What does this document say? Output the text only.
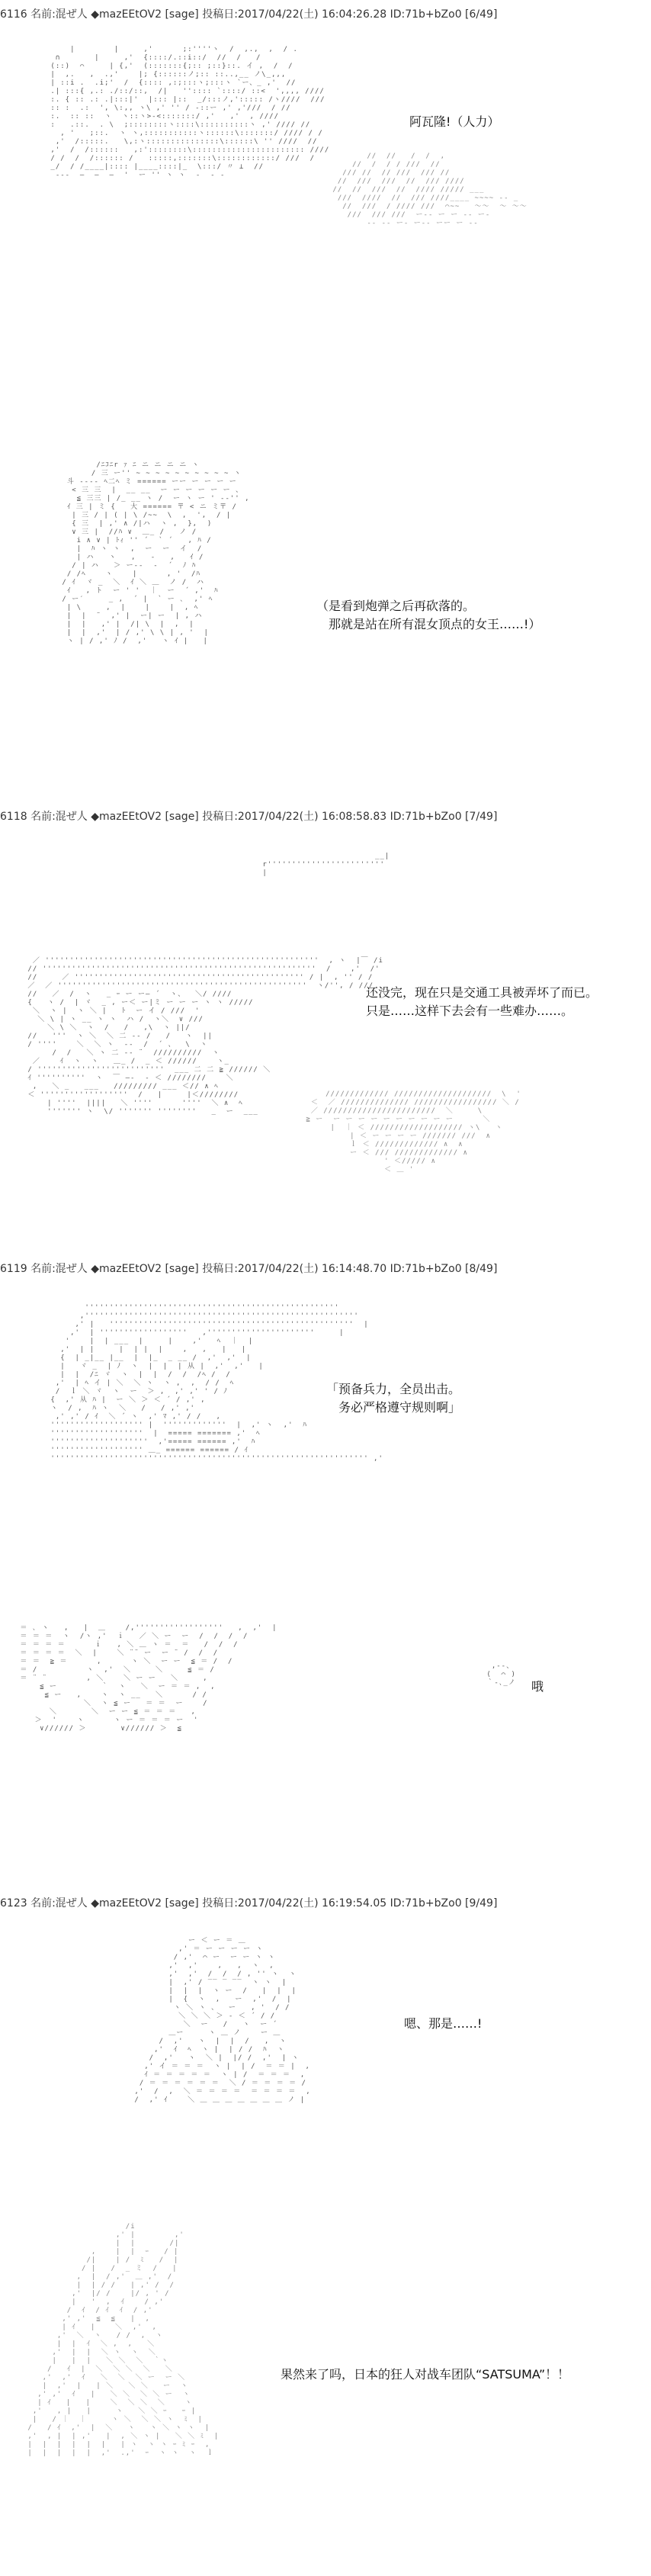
6116 名前:混ぜ人 ◆mazEEtOV2 [sage] 投稿日:2017/04/22(土) 16:04:26.28 ID:71b+bZo0 [6/49]
|        |     ,'      ;:''''ヽ  /  ,.,  ,  / .
∩       |     ,'  {::::/.::i::/  //  /   /
(::)  ⌒     | {,'  (:::::::{;:: ;::}::. イ ,  /  /
|  ,.   ,  .,'    |; {::::::ノ;:: ::..,__ ノ\_,,,
| ::i .  .i;'  /  {:::: ,:;:::ヽ;:::ヽ `ー、_ ,'  //
.| :::{ ,.: ./::/::,  /|   '':::: `::::/ ::<  ',,,, ////
:. { :: .: .|:::|'  |::: |::  _/:::ノ,'::::: /ヽ////  ///
:: :  .:  ', \:,, ヽ\ ,' '' / -::ー ,' ,'///  / //
:.  :: ::  ヽ  ヽ::ヽ>-<:::::::/ ,'   ,'  , ////
:   .::.  . \  ;::::::::ヽ::::\::::::::::ヽ ,' //// //
, '   ;::.  ヽ ヽ,:::::::::::ヽ::::::\:::::::/ //// / /
,'  /:::::.   \,:ヽ:::::::::::::::\::::::\ '' ////  //
,'  /  /::::::   ,:'::::::::\::::::::::::::::::::::: ////
/ /  /  /:::::: /   :::::,:::::::\::::::::::::/ ///  /
_/  / /____|:::: |____::::|_  \:::/ 〃 ⊥  //
---  ―  ―  ―  '  ー '' ヽ ヽ  ‐  ‐ ‐
//  //   /  /  ,
//  /  / / ///  //
/// //  // ///  /// //
//  ///  ///  //  /// ////
//  //  ///  //  //// ///// ___
///  ////  //  /// ////____ ~~~~ -- _
//  ///  / //// ///  ⌒~~   ～～  ～ ～～
///  /// ///  ー‐‐ ー ー ‐‐ ー‐
‐‐ ‐‐ ー‐ ー‐‐ ーー ー ‐‐
阿瓦隆!（人力）
/ﾆｺﾆr ｧ ﾆ ニ ニ ニ ニ ヽ
/ 三 ー'' ~ ~ ~ ~ ~ ~ ~ ~ ~ ~ ヽ
斗 ---- ﾍ二ﾍ ミ ====== ーー ー ー ー ー
< 三 三  |  __ __  ー ー ー ー ー ー 、
≦ 三三 | /_ __ ヽ /  ー ヽ ー ' ‐‐'' ,
ｲ 三 | ミ {   大 ====== 〒 < ニ ミ〒 /
| 三 / | ( | \ /~~  \  ,  ',  / |
{ 三  | ,' ∧ /|ハ  ヽ ,  },  )
∨ 三 |  //ﾊ ∨  ＿_ /   ノ /
i ∧ ∨ | ﾄｨ '' ´  ` ´   , ﾊ /
|  ﾊ ヽ ヽ  ,  ー  ー  イ  /
| ハ   ヽ   ,   -   ,   ｲ /
/ | ハ   ＞ ー--  -  ´  ﾉ ﾊ
/ /ﾍ    ヽ    |      , '  /ﾊ
/ ｲ  ヾ _  ＼  ｲ ＼ ＿  ノ /  ハ
ｲ   , ト  ー ' '  ｜  ー  ´ ,'  ﾊ
/ ー′     _ ,  ´ |  ` ー ､  ,' ﾍ
| \     ,  |    |    |  , ﾍ
|  |  ¨  ,' |  ー| ー  | , ハ
|  |   ,' |  /| \  |  ,  |
|  |  ,'  | / ,' \ \ | , '  |
ヽ | / ,' ﾉ /  ,'   ヽ ｲ |   |
（是看到炮弹之后再砍落的。
那就是站在所有混女顶点的女王……!）
6118 名前:混ぜ人 ◆mazEEtOV2 [sage] 投稿日:2017/04/22(土) 16:08:58.83 ID:71b+bZo0 [7/49]
__|
r''''''''''''''''''''''''
|
／ ''''''''''''''''''''''''''''''''''''''''''''''''''''''''  , ヽ  |￣ /i
// ''''''''''''''''''''''''''''''''''''''''''''''''''''''''  /    ,'  /'
//     ／ ''''''''''''''''''''''''''''''''''''''''''''''' / |  , '' / /
／  ／ '''''''''''''''''''''''''''''''''''''''''''''''''''  ヽ/'', / ///
//   ／  /  ヽ   _ ｰ ー ー― ´  ヽ、  ＼/ ////
{   ヽ /  | ヾ  _ , ー＜ ー|ミ ー ー ー ヽ ヽ /////
＼  ヽ |  ヽ ＼ |   ﾄ  ー イ / ///  '
＼ \ | ヽ __ ヽ ヽ  ハ /  ヽ＼  ∨ ///
＼ \ ＼  ヽ  /   /   ,\  ヽ ||/
//   '''  ヽ ＼  ＼ 二 ‐‐ /   /   ヽ  ||
/ ''''    ＼  ＼ ヽ  ‐‐  /  ´ 、  \  ヽ
/  /   ＼ ヽ 二 ‐‐ ¨  //////////  ヽ
／    ｲ  ヽ  ヽ   ＿_ /  _ ＜ //////    ヽ_
/ ''''''''''''''''''''''''''  ___ 二 二 ≧ ////// ＼
ｲ ''''''''''  ヽ  ￣ ―‐  ‐ ＜ ////////    ＼
,   ＼ _   ___   ///////// ___ ＜// ∧ ﾍ
＜ ''''''''''''''''''  /   |     |＜////////
| ''''  ||||   ＼ ''''      ''''  ＼ ∧  ﾍ
''''''' ヽ  \/ ''''''' ''''''''   _  ー  ___
///////////// ////////////////////  \  '
＜  ／ ////////////// ///////////////// ＼ /
／ ///////////////////////  ＼     \
≧ ー  ー ー ー ー ー ー ー ー ー ー      ＼
|  ｜ ＜ /////////////////// ヽ\   ヽ
| ＜ ー ー ー ー /////// ///  ∧
ｌ ＜ ///////////// ∧  ∧
ー ＜ /// ///////////// ∧
' ＜///// ∧
＜ ＿ '
还没完，现在只是交通工具被弄坏了而已。
只是……这样下去会有一些难办……。
6119 名前:混ぜ人 ◆mazEEtOV2 [sage] 投稿日:2017/04/22(土) 16:14:48.70 ID:71b+bZo0 [8/49]
''''''''''''''''''''''''''''''''''''''''''''''''''''
,''''''''''''''''''''''''''''''''''''''''''''''''''''''''
,' |   ''''''''''''''''''''''''''''''''''''''''''''''''''  |
,'  | ''''''''''''''''''   ,''''''''''''''''''''''     |
'    |  | ___  |     |    ,'   ﾍ  ｜  |
,'  | |     |  | |  |    ,   ,   |   |
{  | _|__ |__  |  |_  _ __ /  ,'  ,'  |
|   ヾ _  | ﾉ  ヽ  |  |  | 从 |  ,'  ,'   |
|  |  /ﾆ ヾ  ヽ  |  |  /  /  /ﾍ /  /
,'  | ﾍ イ | ＼  ＼ ヽ  ヽ ,  ,  / /  ﾍ
/  ｌ ＼ ヾ  ヽ  ー  ＞ ,  ,' ,' ' / ﾉ
{  ,' 从 ﾊ |  ー ＼ ＞ ＜ ´ / ,' ,
ヽ  / ,  ﾊ ヽ  ＼   /   / ,' ,'
,' ,' / ｲ  ＼ ´ ヽ  ,' ﾏ ,' / /   ,
''''''''''''''''''' |  '''''''''''''  |  ,' ヽ  ,'  ﾊ
'''''''''''''''''''  |  ===== ======= ,'  ﾍ
''''''''''''''''''''  ,'===== ====== ,'  ﾊ
''''''''''''''''''' ＿_ ====== ====== / ｲ
''''''''''''''''''''''''''''''''''''''''''''''''''''''''''''''''' ,'
「预备兵力，全员出击。
务必严格遵守规则啊」
＝ ､ ヽ   ,   |  ＿    /,''''''''''''''''''   ,  ,'  |
＝ ＝ ＝  ヽ  /ヽ ,'  ｉ   ／ ＼ ー  ー  /  /  /  /
＝ ＝ ＝ ＝      ｉ   , ＼ ＿ ヽ ＝  ＝   /  /  /
＝ ＝ ＝ ＝  ＼  |    ＼ ¨¨ ー  ー ¨ /  /  /
＝ ＝  ≧ ＝      ,      ヽ ＼  ー ー  ≦ ＝ /  /
＝ /          ヽ  ,'  ＼     ＼     ≦ ＝ /
＝ ¨ ¨        , ＼    ＼ ー ー   ＼     ,
≦ ー         ｀  ヽ   ＼  ー ＝ ＝ ,  ,
≦ ー   ,    ヽ  ヽ __   ＼      / /
＼  ヽ ≦ ー   ＝ ＝  ー    /
＼       ＼  ー ー ≦ ＝ ＝ ＝   ,
＞  '    ヽ      ヽ ー ＝ ＝ ＝ ー  '
∨////// ＞       ∨////// ＞  ≦
,-‐、
(  ⌒ )
｀‐､_ノ 哦
6123 名前:混ぜ人 ◆mazEEtOV2 [sage] 投稿日:2017/04/22(土) 16:19:54.05 ID:71b+bZo0 [9/49]
ー ＜ ー ＝ ＿
,' ＝ ー ー ー ー ヽ
/ ,'  ⌒ ー  ー ー ヽ ヽ
,'  ,'    ,   ,  ヽ  ,
,'  ,'  /  /  / , '' ヽ  ヽ
|  ,' / ‾‾ ‾ ‾‾  ヽ ヽ  |
|  |  |  ヽ ー  /   |  |  |
|  {  ヽ  ,   ー  ,'  /  |
ヽ ＼ ヽ 、  ー   , '  / /
＼ ＼ ＼ ＞ - ＜ ´ / /
＼  ー   /   ヽ  ー ´
＿ー     ヽ ＿ ノ    ー ＿
/  ,'   ヽ  |  |  /   ,  ヽ
,'  ｲ  ﾍ  ヽ |  | / /  ﾊ  ヽ
/  ,'   ヽ  ＼ |  |/ /  ,'  | ヽ
,' イ ＝ ＝ ＝  ヽ |  | /  ＝ ＝ |  ,
ｲ ＝ ＝ ＝ ＝ ＝  ヽ | /  ＝ ＝ ＝  ,
/ ＝ ＝ ＝ ＝ ＝ ＝  ＼ / ＝ ＝ ＝ ＝ /
,'  /  ,  ＼ ＝ ＝ ＝ ＝  ＝ ＝ ＝ ＝  ,
/  ,' ｲ    ＼ ＿ ＿ ＿ ＿ ＿ ＿ ＿ ノ |
嗯、那是……!
/i
,' |        ,'
|  |       /|
,    |  |  ｰ   / |
/|    | /  ﾐ   /  |
/ |   /  _ ミ  /   |
,  |  / ,'  ＿ ,'  /
|  | / /   | ,' /  /
,'  |/ /    |/ , ' /
|   '  ,  ｲ    / ,'
/  ｲ  / ｲ  ｲ  / ,'
,' ,'  ≦  ≦   |  ,
| ｲ   |    ＼  ,'  ,
,'  ＼  ヽ   / /  ,  ヽ
|  |  ｲ  ＼ ,  ,   ＼
,'  |  |  ＼ ヽ  ヽ  ＼
|   |  |   ＼ ＼  ＼  ｀ヽ
/   ｲ  |  ＼  ＼ ＼  ＼   ＼
,'  ,'  ｲ   ＼  ＼  ＼ ー  ー ＼
|  ,'  |   | ＼   ＼ ＼   ー  ヽ
,' ,'  ｲ   |   ＼ ＼  ＼ ＼ ー  ヽ
| ｲ   |   |    ＼  ＼ ＼  ＼    ヽ
,'   , |   |     ヽ   ＼ ＼ ｰ   ｰ |
|   / ｜  ｜     ヽ ＼  ＼ ＼ ヽ  ﾐ  |
/   / ｲ  ,'  |  ＼   ヽ   ヽ ＼ ヽ ヽ  |
,'  , |  | ,'   |  , ＼ ヽ |   ＼ ＼ ﾐ  |
|  |  |  |  |  |   | ヽ  ヽ ヽ ｰ ﾐ ｰ  ,
|  |  |  |  |  ,'  .,'  ｰ  ヽ ヽ  ヽ  ｌ
果然来了吗，日本的狂人对战车团队“SATSUMA”！！
